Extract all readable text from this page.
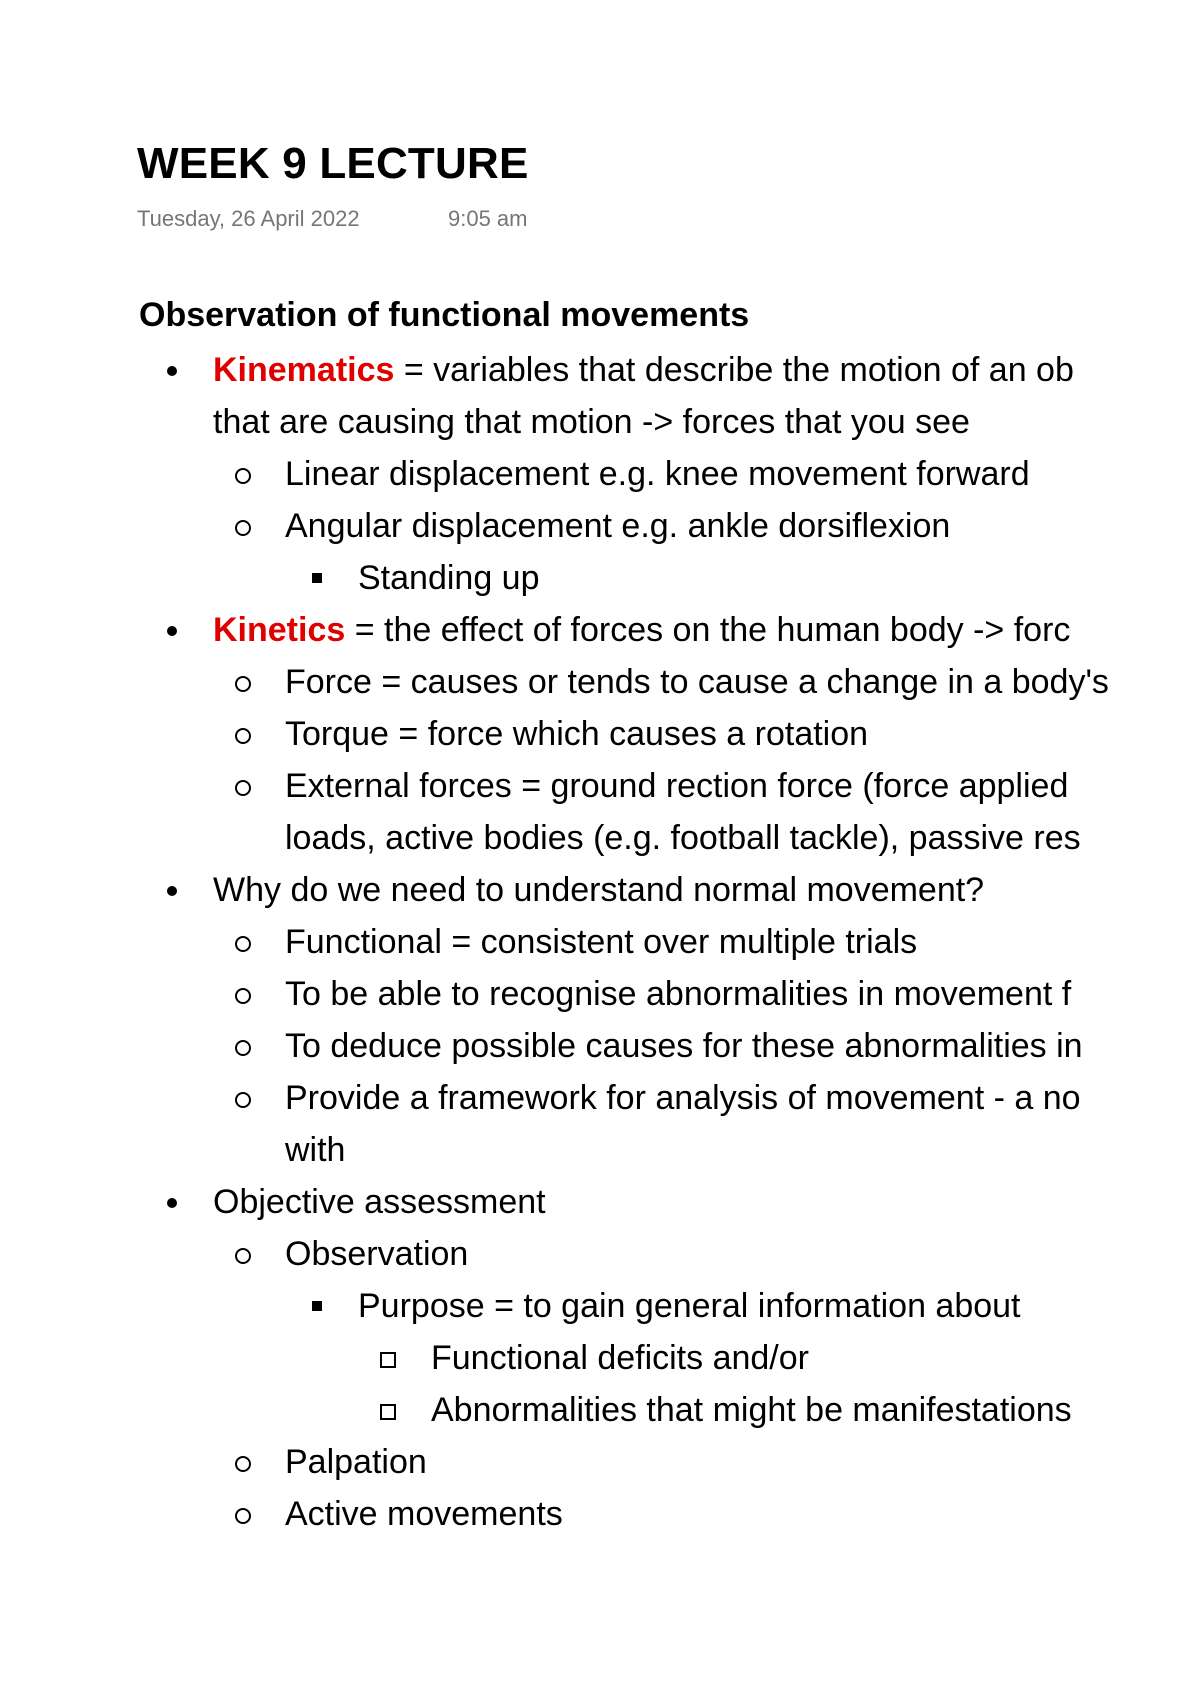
WEEK 9 LECTURE
Tuesday, 26 April 2022	9:05 am
Observation of functional movements
Kinematics = variables that describe the motion of an ob
that are causing that motion -> forces that you see
Linear displacement e.g. knee movement forward
Angular displacement e.g. ankle dorsiflexion
Standing up
Kinetics = the effect of forces on the human body -> forc
Force = causes or tends to cause a change in a body's
Torque = force which causes a rotation
External forces = ground rection force (force applied
loads, active bodies (e.g. football tackle), passive res
Why do we need to understand normal movement?
Functional = consistent over multiple trials
To be able to recognise abnormalities in movement f
To deduce possible causes for these abnormalities in
Provide a framework for analysis of movement - a no
with
Objective assessment
Observation
Purpose = to gain general information about
Functional deficits and/or
Abnormalities that might be manifestations
Palpation
Active movements
